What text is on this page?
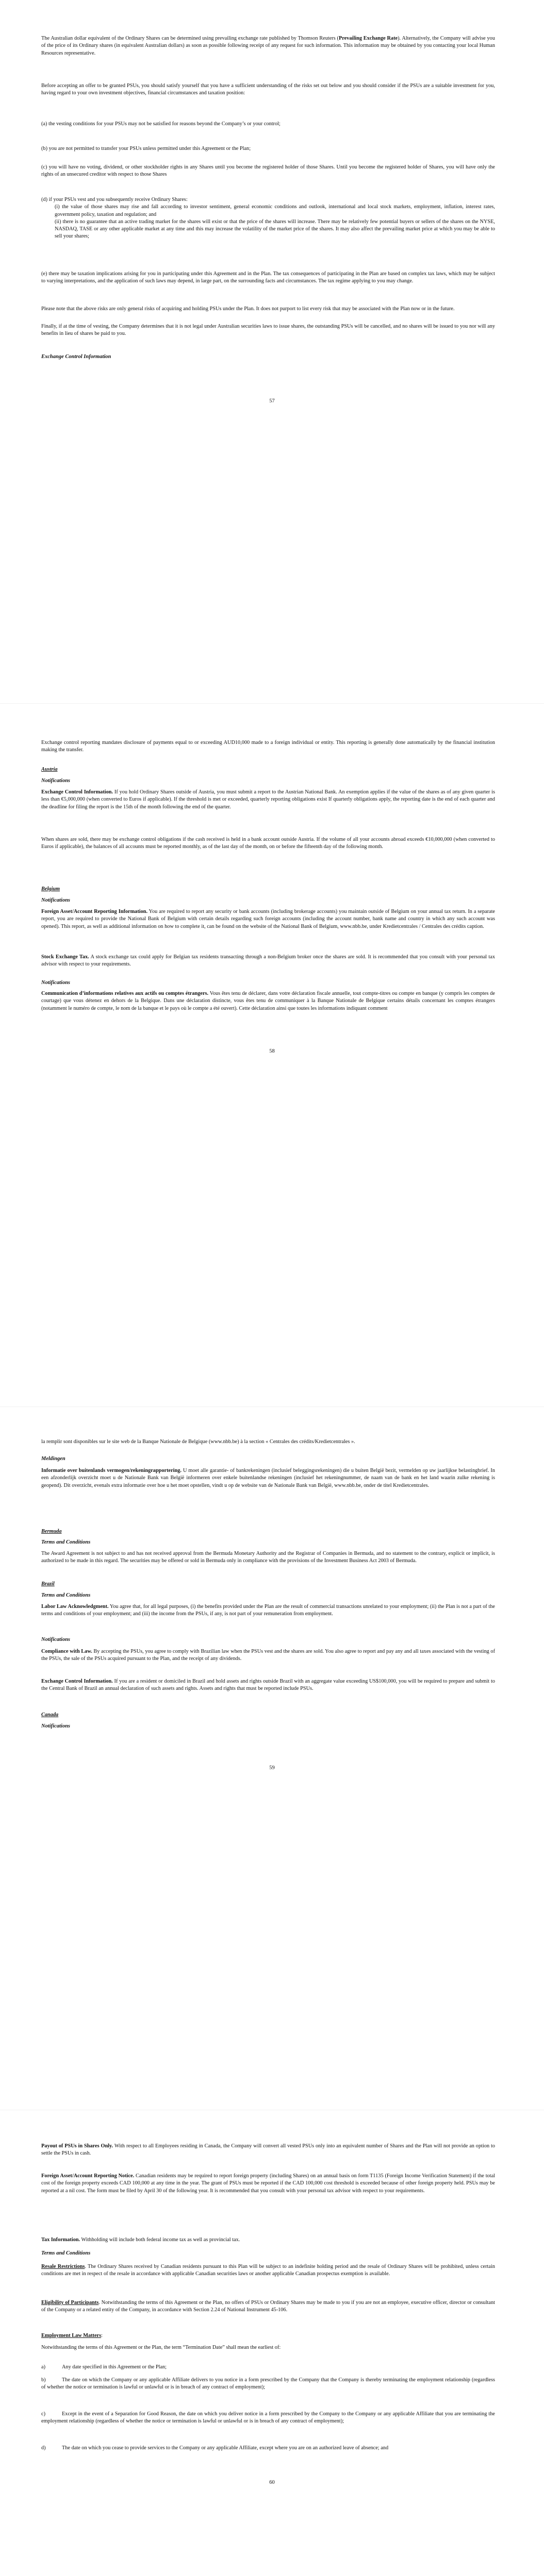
The Australian dollar equivalent of the Ordinary Shares can be determined using prevailing exchange rate published by Thomson Reuters (Prevailing Exchange Rate). Alternatively, the Company will advise you of the price of its Ordinary shares (in equivalent Australian dollars) as soon as possible following receipt of any request for such information. This information may be obtained by you contacting your local Human Resources representative.

Before accepting an offer to be granted PSUs, you should satisfy yourself that you have a sufficient understanding of the risks set out below and you should consider if the PSUs are a suitable investment for you, having regard to your own investment objectives, financial circumstances and taxation position:

(a) the vesting conditions for your PSUs may not be satisfied for reasons beyond the Company’s or your control;

(b) you are not permitted to transfer your PSUs unless permitted under this Agreement or the Plan;

(c) you will have no voting, dividend, or other stockholder rights in any Shares until you become the registered holder of those Shares. Until you become the registered holder of Shares, you will have only the rights of an unsecured creditor with respect to those Shares

(d) if your PSUs vest and you subsequently receive Ordinary Shares:

(i) the value of those shares may rise and fall according to investor sentiment, general economic conditions and outlook, international and local stock markets, employment, inflation, interest rates, government policy, taxation and regulation; and

(ii) there is no guarantee that an active trading market for the shares will exist or that the price of the shares will increase. There may be relatively few potential buyers or sellers of the shares on the NYSE, NASDAQ, TASE or any other applicable market at any time and this may increase the volatility of the market price of the shares. It may also affect the prevailing market price at which you may be able to sell your shares;

(e) there may be taxation implications arising for you in participating under this Agreement and in the Plan. The tax consequences of participating in the Plan are based on complex tax laws, which may be subject to varying interpretations, and the application of such laws may depend, in large part, on the surrounding facts and circumstances. The tax regime applying to you may change.

Please note that the above risks are only general risks of acquiring and holding PSUs under the Plan. It does not purport to list every risk that may be associated with the Plan now or in the future.

Finally, if at the time of vesting, the Company determines that it is not legal under Australian securities laws to issue shares, the outstanding PSUs will be cancelled, and no shares will be issued to you nor will any benefits in lieu of shares be paid to you.

Exchange Control Information
57

Exchange control reporting mandates disclosure of payments equal to or exceeding AUD10,000 made to a foreign individual or entity. This reporting is generally done automatically by the financial institution making the transfer.

Austria

Notifications

Exchange Control Information. If you hold Ordinary Shares outside of Austria, you must submit a report to the Austrian National Bank. An exemption applies if the value of the shares as of any given quarter is less than €5,000,000 (when converted to Euros if applicable). If the threshold is met or exceeded, quarterly reporting obligations exist If quarterly obligations apply, the reporting date is the end of each quarter and the deadline for filing the report is the 15th of the month following the end of the quarter.

When shares are sold, there may be exchange control obligations if the cash received is held in a bank account outside Austria. If the volume of all your accounts abroad exceeds €10,000,000 (when converted to Euros if applicable), the balances of all accounts must be reported monthly, as of the last day of the month, on or before the fifteenth day of the following month.

Belgium

Notifications

Foreign Asset/Account Reporting Information. You are required to report any security or bank accounts (including brokerage accounts) you maintain outside of Belgium on your annual tax return. In a separate report, you are required to provide the National Bank of Belgium with certain details regarding such foreign accounts (including the account number, bank name and country in which any such account was opened). This report, as well as additional information on how to complete it, can be found on the website of the National Bank of Belgium, www.nbb.be, under Kredietcentrales / Centrales des crédits caption.

Stock Exchange Tax. A stock exchange tax could apply for Belgian tax residents transacting through a non-Belgium broker once the shares are sold. It is recommended that you consult with your personal tax advisor with respect to your requirements.

Notifications

Communication d’informations relatives aux actifs ou comptes étrangers. Vous êtes tenu de déclarer, dans votre déclaration fiscale annuelle, tout compte-titres ou compte en banque (y compris les comptes de courtage) que vous détenez en dehors de la Belgique. Dans une déclaration distincte, vous êtes tenu de communiquer à la Banque Nationale de Belgique certains détails concernant les comptes étrangers (notamment le numéro de compte, le nom de la banque et le pays où le compte a été ouvert). Cette déclaration ainsi que toutes les informations indiquant comment

58

la remplir sont disponibles sur le site web de la Banque Nationale de Belgique (www.nbb.be) à la section « Centrales des crédits/Kredietcentrales ».

Meldingen

Informatie over buitenlands vermogen/rekeningrapportering. U moet alle garantie- of bankrekeningen (inclusief beleggingsrekeningen) die u buiten België bezit, vermelden op uw jaarlijkse belastingbrief. In een afzonderlijk overzicht moet u de Nationale Bank van België informeren over enkele buitenlandse rekeningen (inclusief het rekeningnummer, de naam van de bank en het land waarin zulke rekening is geopend). Dit overzicht, evenals extra informatie over hoe u het moet opstellen, vindt u op de website van de Nationale Bank van België, www.nbb.be, onder de titel Kredietcentrales.

Bermuda

Terms and Conditions

The Award Agreement is not subject to and has not received approval from the Bermuda Monetary Authority and the Registrar of Companies in Bermuda, and no statement to the contrary, explicit or implicit, is authorized to be made in this regard. The securities may be offered or sold in Bermuda only in compliance with the provisions of the Investment Business Act 2003 of Bermuda.

Brazil

Terms and Conditions

Labor Law Acknowledgment. You agree that, for all legal purposes, (i) the benefits provided under the Plan are the result of commercial transactions unrelated to your employment; (ii) the Plan is not a part of the terms and conditions of your employment; and (iii) the income from the PSUs, if any, is not part of your remuneration from employment.

Notifications

Compliance with Law. By accepting the PSUs, you agree to comply with Brazilian law when the PSUs vest and the shares are sold. You also agree to report and pay any and all taxes associated with the vesting of the PSUs, the sale of the PSUs acquired pursuant to the Plan, and the receipt of any dividends.

Exchange Control Information. If you are a resident or domiciled in Brazil and hold assets and rights outside Brazil with an aggregate value exceeding US$100,000, you will be required to prepare and submit to the Central Bank of Brazil an annual declaration of such assets and rights. Assets and rights that must be reported include PSUs.

Canada

Notifications
59

Payout of PSUs in Shares Only. With respect to all Employees residing in Canada, the Company will convert all vested PSUs only into an equivalent number of Shares and the Plan will not provide an option to settle the PSUs in cash.

Foreign Asset/Account Reporting Notice. Canadian residents may be required to report foreign property (including Shares) on an annual basis on form T1135 (Foreign Income Verification Statement) if the total cost of the foreign property exceeds CAD 100,000 at any time in the year. The grant of PSUs must be reported if the CAD 100,000 cost threshold is exceeded because of other foreign property held. PSUs may be reported at a nil cost. The form must be filed by April 30 of the following year. It is recommended that you consult with your personal tax advisor with respect to your requirements.

Tax Information. Withholding will include both federal income tax as well as provincial tax.

Terms and Conditions

Resale Restrictions. The Ordinary Shares received by Canadian residents pursuant to this Plan will be subject to an indefinite holding period and the resale of Ordinary Shares will be prohibited, unless certain conditions are met in respect of the resale in accordance with applicable Canadian securities laws or another applicable Canadian prospectus exemption is available.

Eligibility of Participants. Notwithstanding the terms of this Agreement or the Plan, no offers of PSUs or Ordinary Shares may be made to you if you are not an employee, executive officer, director or consultant of the Company or a related entity of the Company, in accordance with Section 2.24 of National Instrument 45-106.

Employment Law Matters:

Notwithstanding the terms of this Agreement or the Plan, the term “Termination Date” shall mean the earliest of:

a)	Any date specified in this Agreement or the Plan;

b)	The date on which the Company or any applicable Affiliate delivers to you notice in a form prescribed by the Company that the Company is thereby terminating the employment relationship (regardless of whether the notice or termination is lawful or unlawful or is in breach of any contract of employment);

c)	Except in the event of a Separation for Good Reason, the date on which you deliver notice in a form prescribed by the Company to the Company or any applicable Affiliate that you are terminating the employment relationship (regardless of whether the notice or termination is lawful or unlawful or is in breach of any contract of employment);

d)	The date on which you cease to provide services to the Company or any applicable Affiliate, except where you are on an authorized leave of absence; and

60
